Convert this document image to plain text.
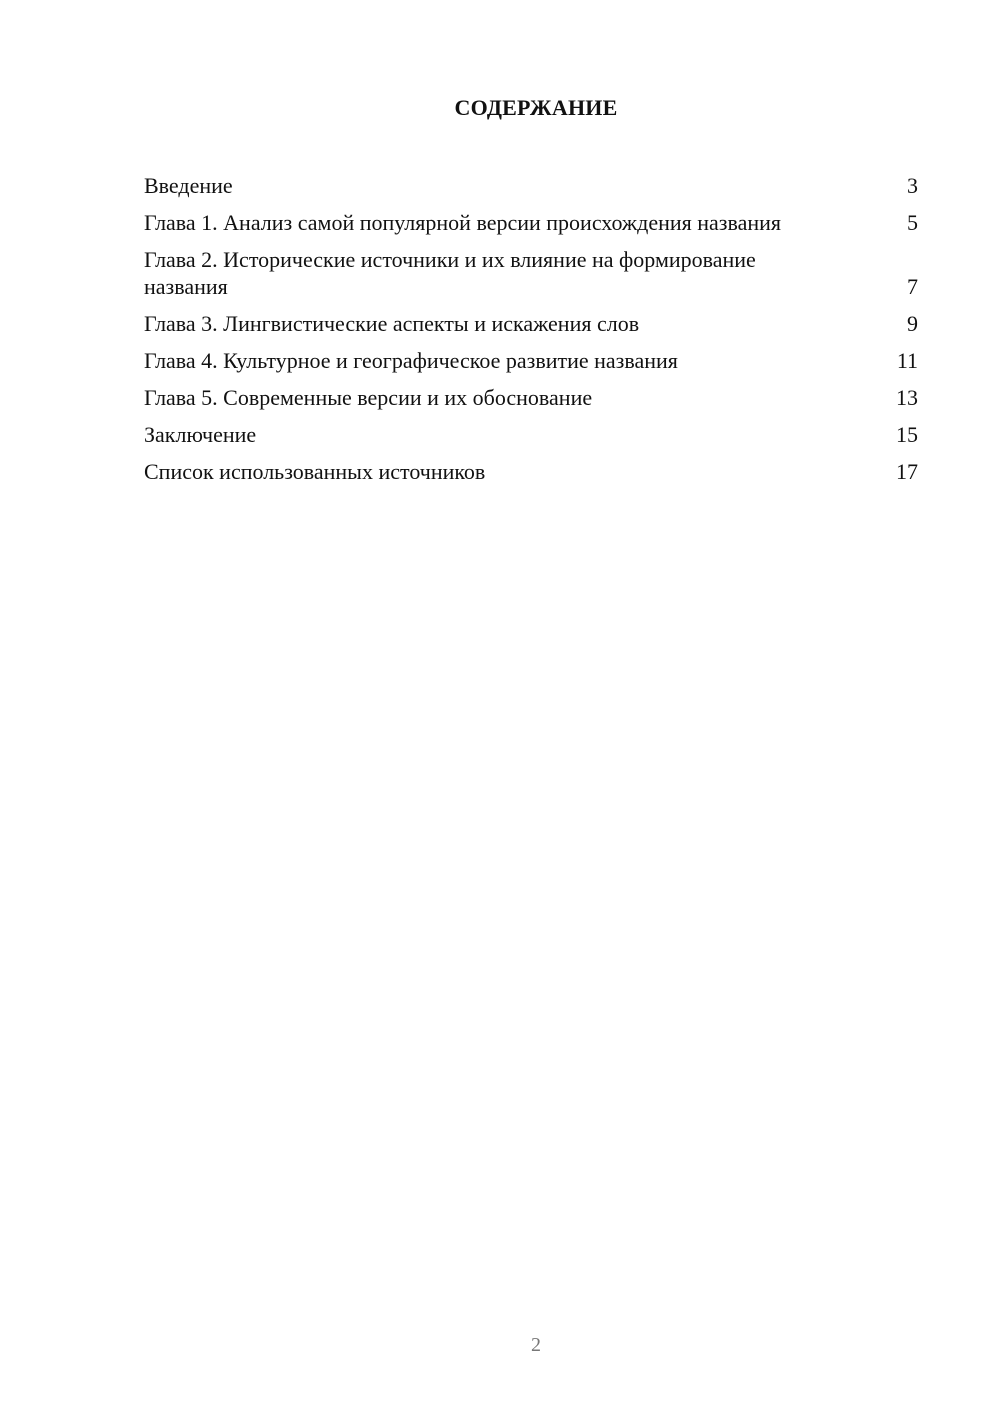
СОДЕРЖАНИЕ
Введение	3
Глава 1. Анализ самой популярной версии происхождения названия	5
Глава 2. Исторические источники и их влияние на формирование названия	7
Глава 3. Лингвистические аспекты и искажения слов	9
Глава 4. Культурное и географическое развитие названия	11
Глава 5. Современные версии и их обоснование	13
Заключение	15
Список использованных источников	17
2
